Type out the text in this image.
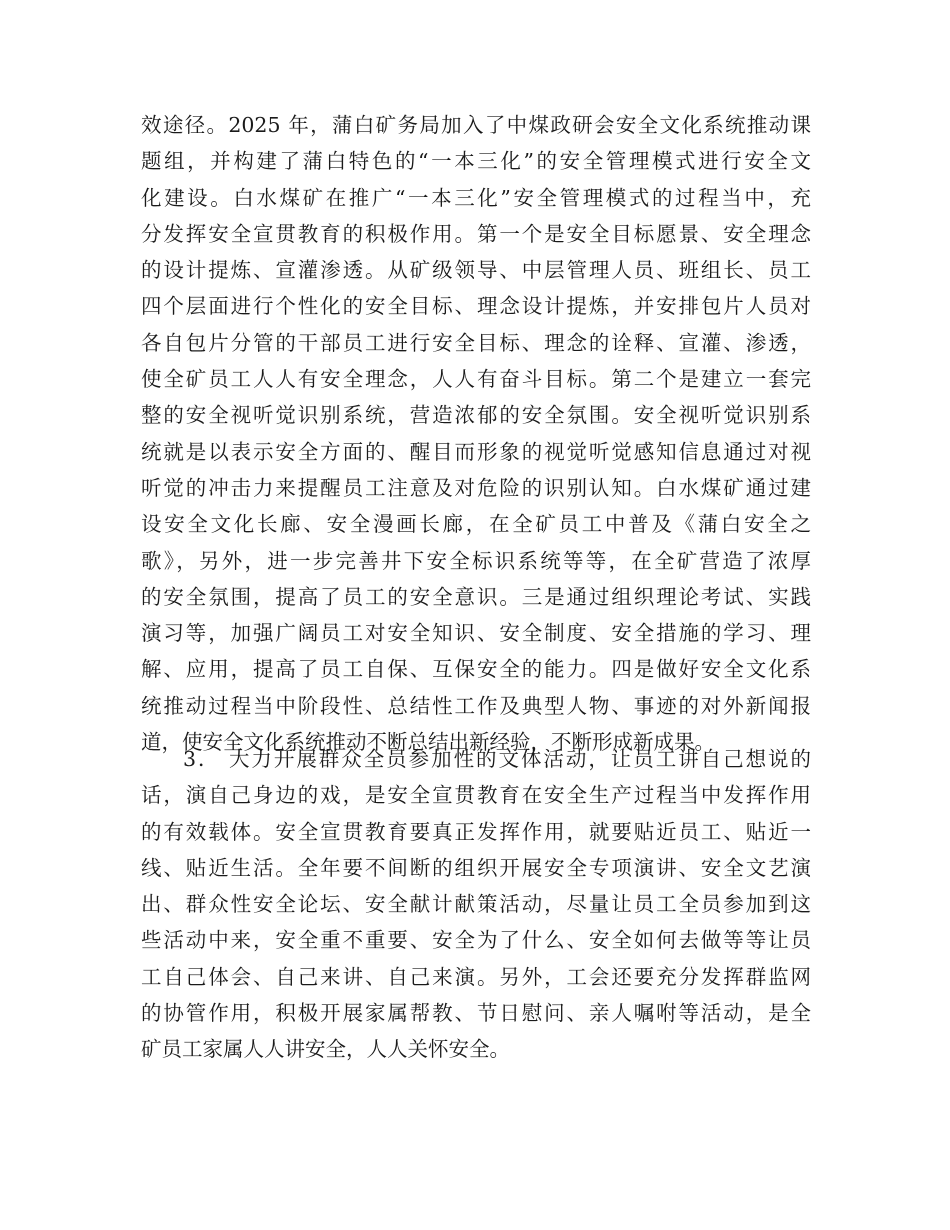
效途径。2025 年，蒲白矿务局加入了中煤政研会安全文化系统推动课
题组，并构建了蒲白特色的“一本三化”的安全管理模式进行安全文
化建设。白水煤矿在推广“一本三化”安全管理模式的过程当中，充
分发挥安全宣贯教育的积极作用。第一个是安全目标愿景、安全理念
的设计提炼、宣灌渗透。从矿级领导、中层管理人员、班组长、员工
四个层面进行个性化的安全目标、理念设计提炼，并安排包片人员对
各自包片分管的干部员工进行安全目标、理念的诠释、宣灌、渗透，
使全矿员工人人有安全理念，人人有奋斗目标。第二个是建立一套完
整的安全视听觉识别系统，营造浓郁的安全氛围。安全视听觉识别系
统就是以表示安全方面的、醒目而形象的视觉听觉感知信息通过对视
听觉的冲击力来提醒员工注意及对危险的识别认知。白水煤矿通过建
设安全文化长廊、安全漫画长廊，在全矿员工中普及《蒲白安全之
歌》，另外，进一步完善井下安全标识系统等等，在全矿营造了浓厚
的安全氛围，提高了员工的安全意识。三是通过组织理论考试、实践
演习等，加强广阔员工对安全知识、安全制度、安全措施的学习、理
解、应用，提高了员工自保、互保安全的能力。四是做好安全文化系
统推动过程当中阶段性、总结性工作及典型人物、事迹的对外新闻报
道，使安全文化系统推动不断总结出新经验，不断形成新成果。
3． 大力开展群众全员参加性的文体活动，让员工讲自己想说的
话，演自己身边的戏，是安全宣贯教育在安全生产过程当中发挥作用
的有效载体。安全宣贯教育要真正发挥作用，就要贴近员工、贴近一
线、贴近生活。全年要不间断的组织开展安全专项演讲、安全文艺演
出、群众性安全论坛、安全献计献策活动，尽量让员工全员参加到这
些活动中来，安全重不重要、安全为了什么、安全如何去做等等让员
工自己体会、自己来讲、自己来演。另外，工会还要充分发挥群监网
的协管作用，积极开展家属帮教、节日慰问、亲人嘱咐等活动，是全
矿员工家属人人讲安全，人人关怀安全。
